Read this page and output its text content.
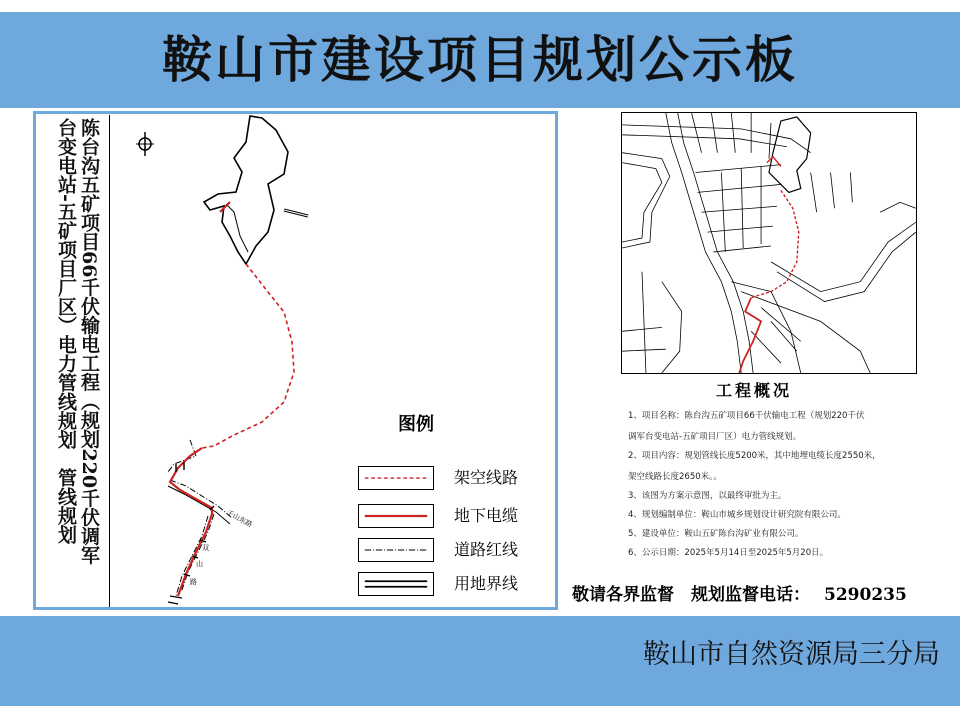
鞍山市建设项目规划公示板
陈台沟五矿项目66千伏输电工程（规划220千伏调军
台变电站-五矿项目厂区）电力管线规划　管线规划	千山东路
双
山
路
图例
架空线路
地下电缆
道路红线
用地界线
工程概况
1、项目名称：陈台沟五矿项目66千伏输电工程（规划220千伏
调军台变电站-五矿项目厂区）电力管线规划。
2、项目内容：规划管线长度5200米，其中地埋电缆长度2550米，
架空线路长度2650米。。
3、该图为方案示意图，以最终审批为主。
4、规划编制单位：鞍山市城乡规划设计研究院有限公司。
5、建设单位：鞍山五矿陈台沟矿业有限公司。
6、公示日期：2025年5月14日至2025年5月20日。
敬请各界监督　规划监督电话： 5290235
鞍山市自然资源局三分局
